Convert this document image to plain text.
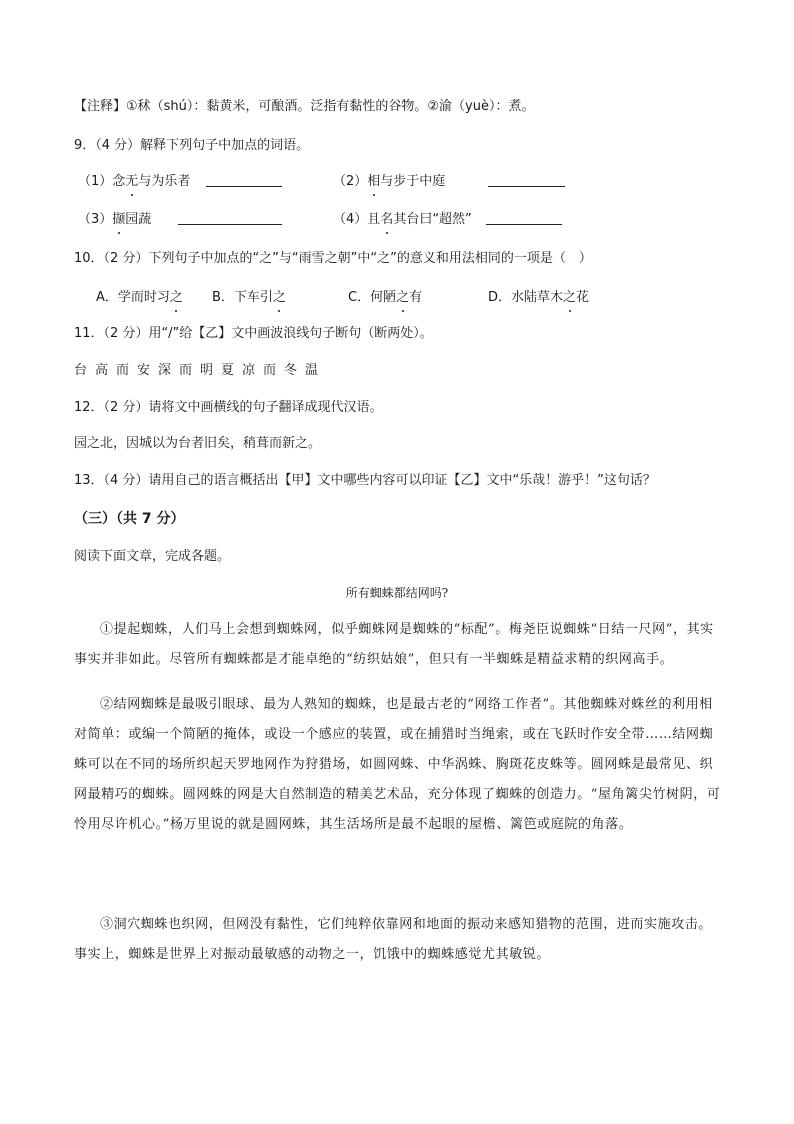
【注释】①秫（shú）：黏黄米，可酿酒。泛指有黏性的谷物。②渝（yuè）：煮。
9．（4 分）解释下列句子中加点的词语。
（1）念无与为乐者	（2）相与步于中庭
（3）撷园蔬	（4）且名其台曰“超然”
10．（2 分）下列句子中加点的“之”与“雨雪之朝”中“之”的意义和用法相同的一项是（　）
A．学而时习之 B．下车引之	C．何陋之有	D．水陆草木之花
11．（2 分）用“/”给【乙】文中画波浪线句子断句（断两处）。
台高而安深而明夏凉而冬温
12．（2 分）请将文中画横线的句子翻译成现代汉语。
园之北，因城以为台者旧矣，稍葺而新之。
13．（4 分）请用自己的语言概括出【甲】文中哪些内容可以印证【乙】文中“乐哉！游乎！”这句话？
（三）（共 7 分）
阅读下面文章，完成各题。
所有蜘蛛都结网吗?
①提起蜘蛛，人们马上会想到蜘蛛网，似乎蜘蛛网是蜘蛛的“标配”。梅尧臣说蜘蛛“日结一尺网”，其实事实并非如此。尽管所有蜘蛛都是才能卓绝的“纺织姑娘”，但只有一半蜘蛛是精益求精的织网高手。
②结网蜘蛛是最吸引眼球、最为人熟知的蜘蛛，也是最古老的“网络工作者”。其他蜘蛛对蛛丝的利用相对简单：或编一个简陋的掩体，或设一个感应的装置，或在捕猎时当绳索，或在飞跃时作安全带……结网蜘蛛可以在不同的场所织起天罗地网作为狩猎场，如圆网蛛、中华涡蛛、胸斑花皮蛛等。圆网蛛是最常见、织网最精巧的蜘蛛。圆网蛛的网是大自然制造的精美艺术品，充分体现了蜘蛛的创造力。“屋角篱尖竹树阴，可怜用尽许机心。”杨万里说的就是圆网蛛，其生活场所是最不起眼的屋檐、篱笆或庭院的角落。
③洞穴蜘蛛也织网，但网没有黏性，它们纯粹依靠网和地面的振动来感知猎物的范围，进而实施攻击。事实上，蜘蛛是世界上对振动最敏感的动物之一，饥饿中的蜘蛛感觉尤其敏锐。
